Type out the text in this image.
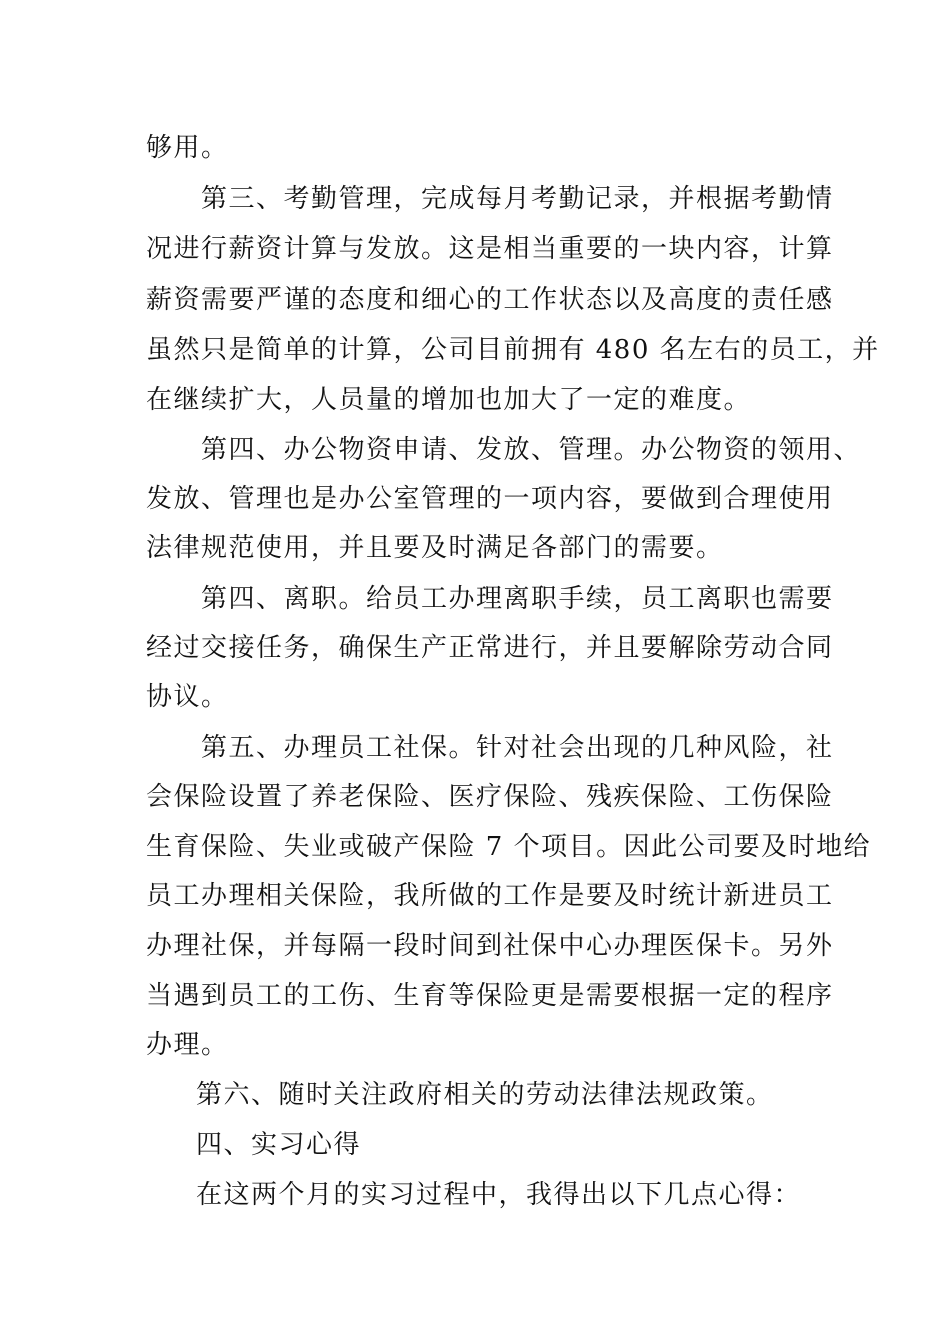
够用。
第三、考勤管理，完成每月考勤记录，并根据考勤情
况进行薪资计算与发放。这是相当重要的一块内容，计算
薪资需要严谨的态度和细心的工作状态以及高度的责任感
虽然只是简单的计算，公司目前拥有 480 名左右的员工，并
在继续扩大，人员量的增加也加大了一定的难度。
第四、办公物资申请、发放、管理。办公物资的领用、
发放、管理也是办公室管理的一项内容，要做到合理使用
法律规范使用，并且要及时满足各部门的需要。
第四、离职。给员工办理离职手续，员工离职也需要
经过交接任务，确保生产正常进行，并且要解除劳动合同
协议。
第五、办理员工社保。针对社会出现的几种风险，社
会保险设置了养老保险、医疗保险、残疾保险、工伤保险
生育保险、失业或破产保险 7 个项目。因此公司要及时地给
员工办理相关保险，我所做的工作是要及时统计新进员工
办理社保，并每隔一段时间到社保中心办理医保卡。另外
当遇到员工的工伤、生育等保险更是需要根据一定的程序
办理。
第六、随时关注政府相关的劳动法律法规政策。
四、实习心得
在这两个月的实习过程中，我得出以下几点心得：
